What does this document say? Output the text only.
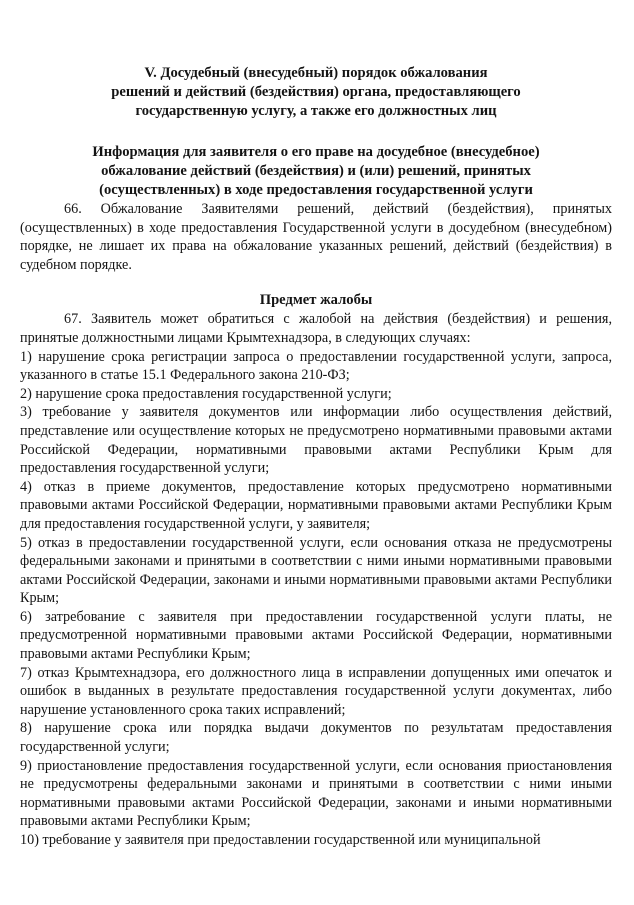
V. Досудебный (внесудебный) порядок обжалования
решений и действий (бездействия) органа, предоставляющего
государственную услугу, а также его должностных лиц
Информация для заявителя о его праве на досудебное (внесудебное)
обжалование действий (бездействия) и (или) решений, принятых
(осуществленных) в ходе предоставления государственной услуги

66. Обжалование Заявителями решений, действий (бездействия), принятых (осуществленных) в ходе предоставления Государственной услуги в досудебном (внесудебном) порядке, не лишает их права на обжалование указанных решений, действий (бездействия) в судебном порядке.

Предмет жалобы

67. Заявитель может обратиться с жалобой на действия (бездействия) и решения, принятые должностными лицами Крымтехнадзора, в следующих случаях:

1) нарушение срока регистрации запроса о предоставлении государственной услуги, запроса, указанного в статье 15.1 Федерального закона 210-ФЗ;

2) нарушение срока предоставления государственной услуги;

3) требование у заявителя документов или информации либо осуществления действий, представление или осуществление которых не предусмотрено нормативными правовыми актами Российской Федерации, нормативными правовыми актами Республики Крым для предоставления государственной услуги;

4) отказ в приеме документов, предоставление которых предусмотрено нормативными правовыми актами Российской Федерации, нормативными правовыми актами Республики Крым для предоставления государственной услуги, у заявителя;

5) отказ в предоставлении государственной услуги, если основания отказа не предусмотрены федеральными законами и принятыми в соответствии с ними иными нормативными правовыми актами Российской Федерации, законами и иными нормативными правовыми актами Республики Крым;

6) затребование с заявителя при предоставлении государственной услуги платы, не предусмотренной нормативными правовыми актами Российской Федерации, нормативными правовыми актами Республики Крым;

7) отказ Крымтехнадзора, его должностного лица в исправлении допущенных ими опечаток и ошибок в выданных в результате предоставления государственной услуги документах, либо нарушение установленного срока таких исправлений;

8) нарушение срока или порядка выдачи документов по результатам предоставления государственной услуги;

9) приостановление предоставления государственной услуги, если основания приостановления не предусмотрены федеральными законами и принятыми в соответствии с ними иными нормативными правовыми актами Российской Федерации, законами и иными нормативными правовыми актами Республики Крым;

10) требование у заявителя при предоставлении государственной или муниципальной
